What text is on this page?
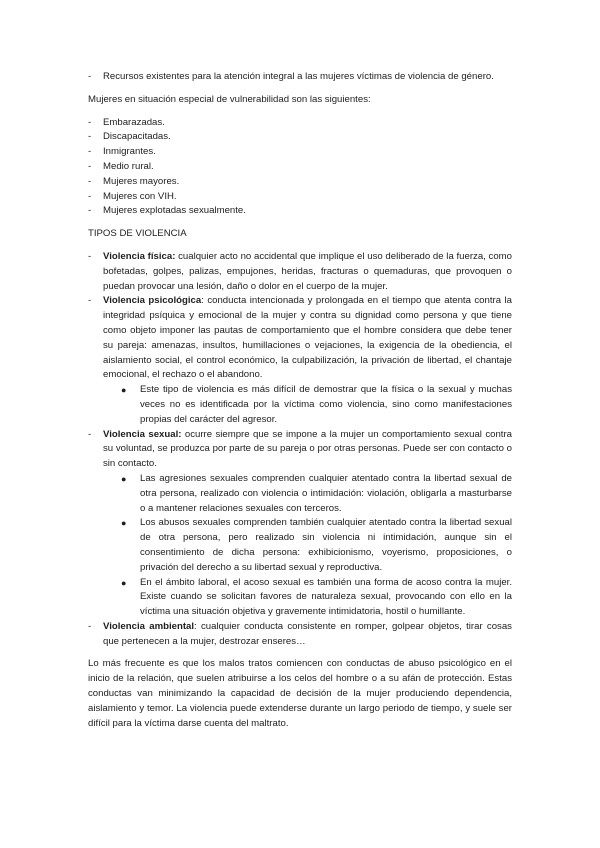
- Recursos existentes para la atención integral a las mujeres víctimas de violencia de género.

Mujeres en situación especial de vulnerabilidad son las siguientes:

- Embarazadas.
- Discapacitadas.
- Inmigrantes.
- Medio rural.
- Mujeres mayores.
- Mujeres con VIH.
- Mujeres explotadas sexualmente.

TIPOS DE VIOLENCIA

- Violencia física: cualquier acto no accidental que implique el uso deliberado de la fuerza, como bofetadas, golpes, palizas, empujones, heridas, fracturas o quemaduras, que provoquen o puedan provocar una lesión, daño o dolor en el cuerpo de la mujer.
- Violencia psicológica: conducta intencionada y prolongada en el tiempo que atenta contra la integridad psíquica y emocional de la mujer y contra su dignidad como persona y que tiene como objeto imponer las pautas de comportamiento que el hombre considera que debe tener su pareja: amenazas, insultos, humillaciones o vejaciones, la exigencia de la obediencia, el aislamiento social, el control económico, la culpabilización, la privación de libertad, el chantaje emocional, el rechazo o el abandono.
● Este tipo de violencia es más difícil de demostrar que la física o la sexual y muchas veces no es identificada por la víctima como violencia, sino como manifestaciones propias del carácter del agresor.
- Violencia sexual: ocurre siempre que se impone a la mujer un comportamiento sexual contra su voluntad, se produzca por parte de su pareja o por otras personas. Puede ser con contacto o sin contacto.
● Las agresiones sexuales comprenden cualquier atentado contra la libertad sexual de otra persona, realizado con violencia o intimidación: violación, obligarla a masturbarse o a mantener relaciones sexuales con terceros.
● Los abusos sexuales comprenden también cualquier atentado contra la libertad sexual de otra persona, pero realizado sin violencia ni intimidación, aunque sin el consentimiento de dicha persona: exhibicionismo, voyerismo, proposiciones, o privación del derecho a su libertad sexual y reproductiva.
● En el ámbito laboral, el acoso sexual es también una forma de acoso contra la mujer. Existe cuando se solicitan favores de naturaleza sexual, provocando con ello en la víctima una situación objetiva y gravemente intimidatoria, hostil o humillante.
- Violencia ambiental: cualquier conducta consistente en romper, golpear objetos, tirar cosas que pertenecen a la mujer, destrozar enseres…

Lo más frecuente es que los malos tratos comiencen con conductas de abuso psicológico en el inicio de la relación, que suelen atribuirse a los celos del hombre o a su afán de protección. Estas conductas van minimizando la capacidad de decisión de la mujer produciendo dependencia, aislamiento y temor. La violencia puede extenderse durante un largo periodo de tiempo, y suele ser difícil para la víctima darse cuenta del maltrato.
